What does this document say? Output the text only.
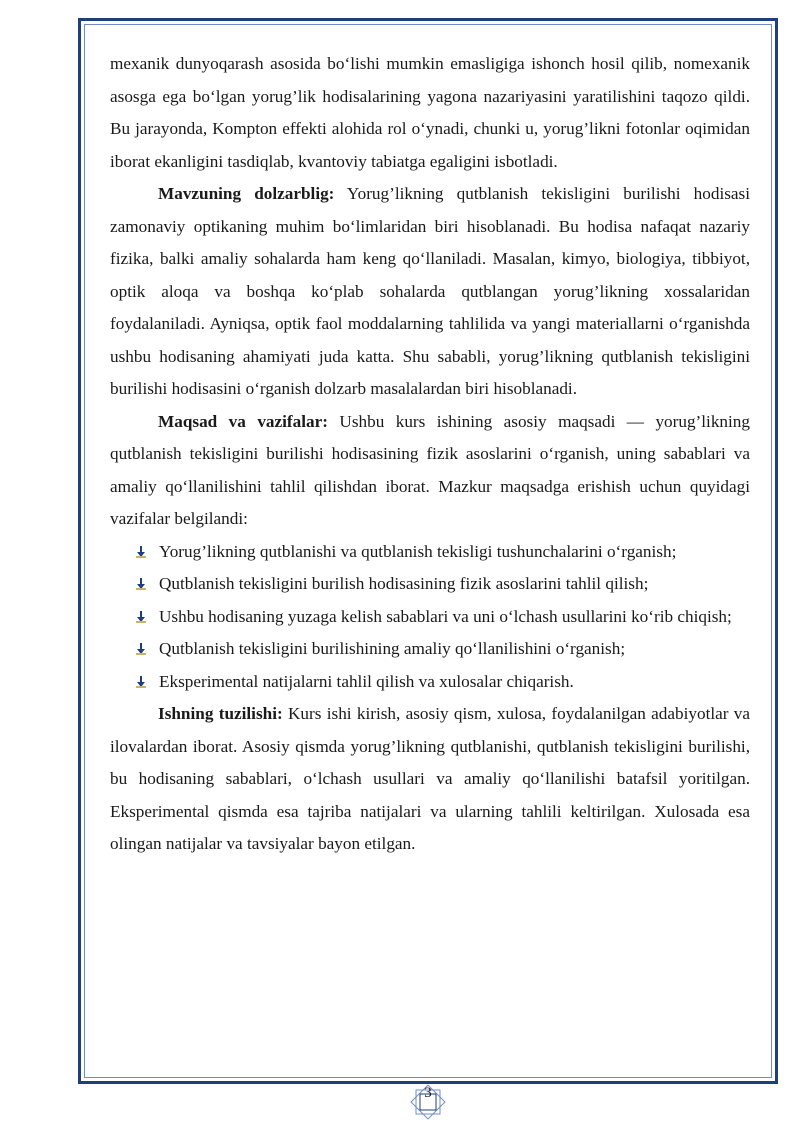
mexanik dunyoqarash asosida bo‘lishi mumkin emasligiga ishonch hosil qilib, nomexanik asosga ega bo‘lgan yorug’lik hodisalarining yagona nazariyasini yaratilishini taqozo qildi. Bu jarayonda, Kompton effekti alohida rol o‘ynadi, chunki u, yorug’likni fotonlar oqimidan iborat ekanligini tasdiqlab, kvantoviy tabiatga egaligini isbotladi.

Mavzuning dolzarblig: Yorug’likning qutblanish tekisligini burilishi hodisasi zamonaviy optikaning muhim bo‘limlaridan biri hisoblanadi. Bu hodisa nafaqat nazariy fizika, balki amaliy sohalarda ham keng qo‘llaniladi. Masalan, kimyo, biologiya, tibbiyot, optik aloqa va boshqa ko‘plab sohalarda qutblangan yorug’likning xossalaridan foydalaniladi. Ayniqsa, optik faol moddalarning tahlilida va yangi materiallarni o‘rganishda ushbu hodisaning ahamiyati juda katta. Shu sababli, yorug’likning qutblanish tekisligini burilishi hodisasini o‘rganish dolzarb masalalardan biri hisoblanadi.

Maqsad va vazifalar: Ushbu kurs ishining asosiy maqsadi — yorug’likning qutblanish tekisligini burilishi hodisasining fizik asoslarini o‘rganish, uning sabablari va amaliy qo‘llanilishini tahlil qilishdan iborat. Mazkur maqsadga erishish uchun quyidagi vazifalar belgilandi:

Yorug’likning qutblanishi va qutblanish tekisligi tushunchalarini o‘rganish;
Qutblanish tekisligini burilish hodisasining fizik asoslarini tahlil qilish;
Ushbu hodisaning yuzaga kelish sabablari va uni o‘lchash usullarini ko‘rib chiqish;
Qutblanish tekisligini burilishining amaliy qo‘llanilishini o‘rganish;
Eksperimental natijalarni tahlil qilish va xulosalar chiqarish.

Ishning tuzilishi: Kurs ishi kirish, asosiy qism, xulosa, foydalanilgan adabiyotlar va ilovalardan iborat. Asosiy qismda yorug’likning qutblanishi, qutblanish tekisligini burilishi, bu hodisaning sabablari, o‘lchash usullari va amaliy qo‘llanilishi batafsil yoritilgan. Eksperimental qismda esa tajriba natijalari va ularning tahlili keltirilgan. Xulosada esa olingan natijalar va tavsiyalar bayon etilgan.

3
